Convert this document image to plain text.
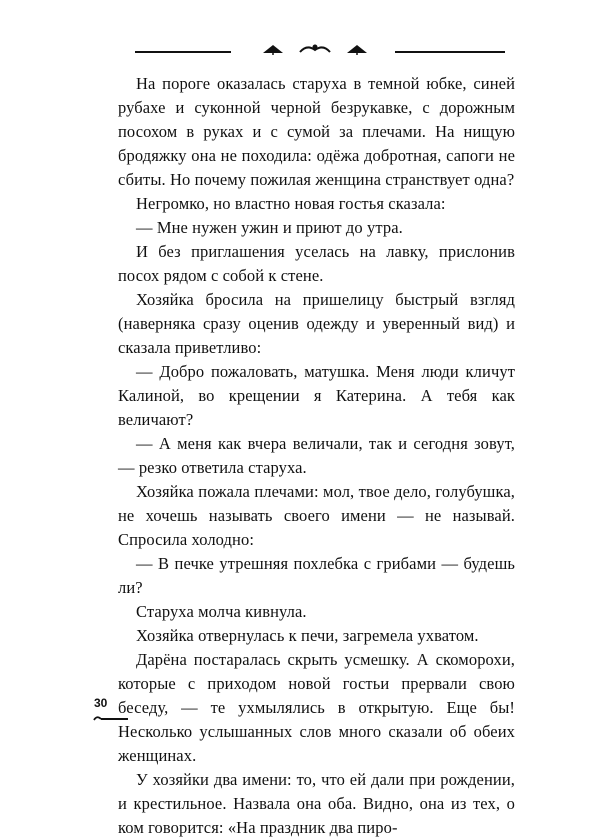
На пороге оказалась старуха в темной юбке, синей рубахе и суконной черной безрукавке, с дорожным посохом в руках и с сумой за плечами. На нищую бродяжку она не походила: одёжа добротная, сапоги не сбиты. Но почему пожилая женщина странствует одна?

Негромко, но властно новая гостья сказала:

— Мне нужен ужин и приют до утра.

И без приглашения уселась на лавку, прислонив посох рядом с собой к стене.

Хозяйка бросила на пришелицу быстрый взгляд (наверняка сразу оценив одежду и уверенный вид) и сказала приветливо:

— Добро пожаловать, матушка. Меня люди кличут Калиной, во крещении я Катерина. А тебя как величают?

— А меня как вчера величали, так и сегодня зовут, — резко ответила старуха.

Хозяйка пожала плечами: мол, твое дело, голубушка, не хочешь называть своего имени — не называй. Спросила холодно:

— В печке утрешняя похлебка с грибами — будешь ли?

Старуха молча кивнула.

Хозяйка отвернулась к печи, загремела ухватом.

Дарёна постаралась скрыть усмешку. А скоморохи, которые с приходом новой гостьи прервали свою беседу, — те ухмылялись в открытую. Еще бы! Несколько услышанных слов много сказали об обеих женщинах.

У хозяйки два имени: то, что ей дали при рождении, и крестильное. Назвала она оба. Видно, она из тех, о ком говорится: «На праздник два пиро-

30
